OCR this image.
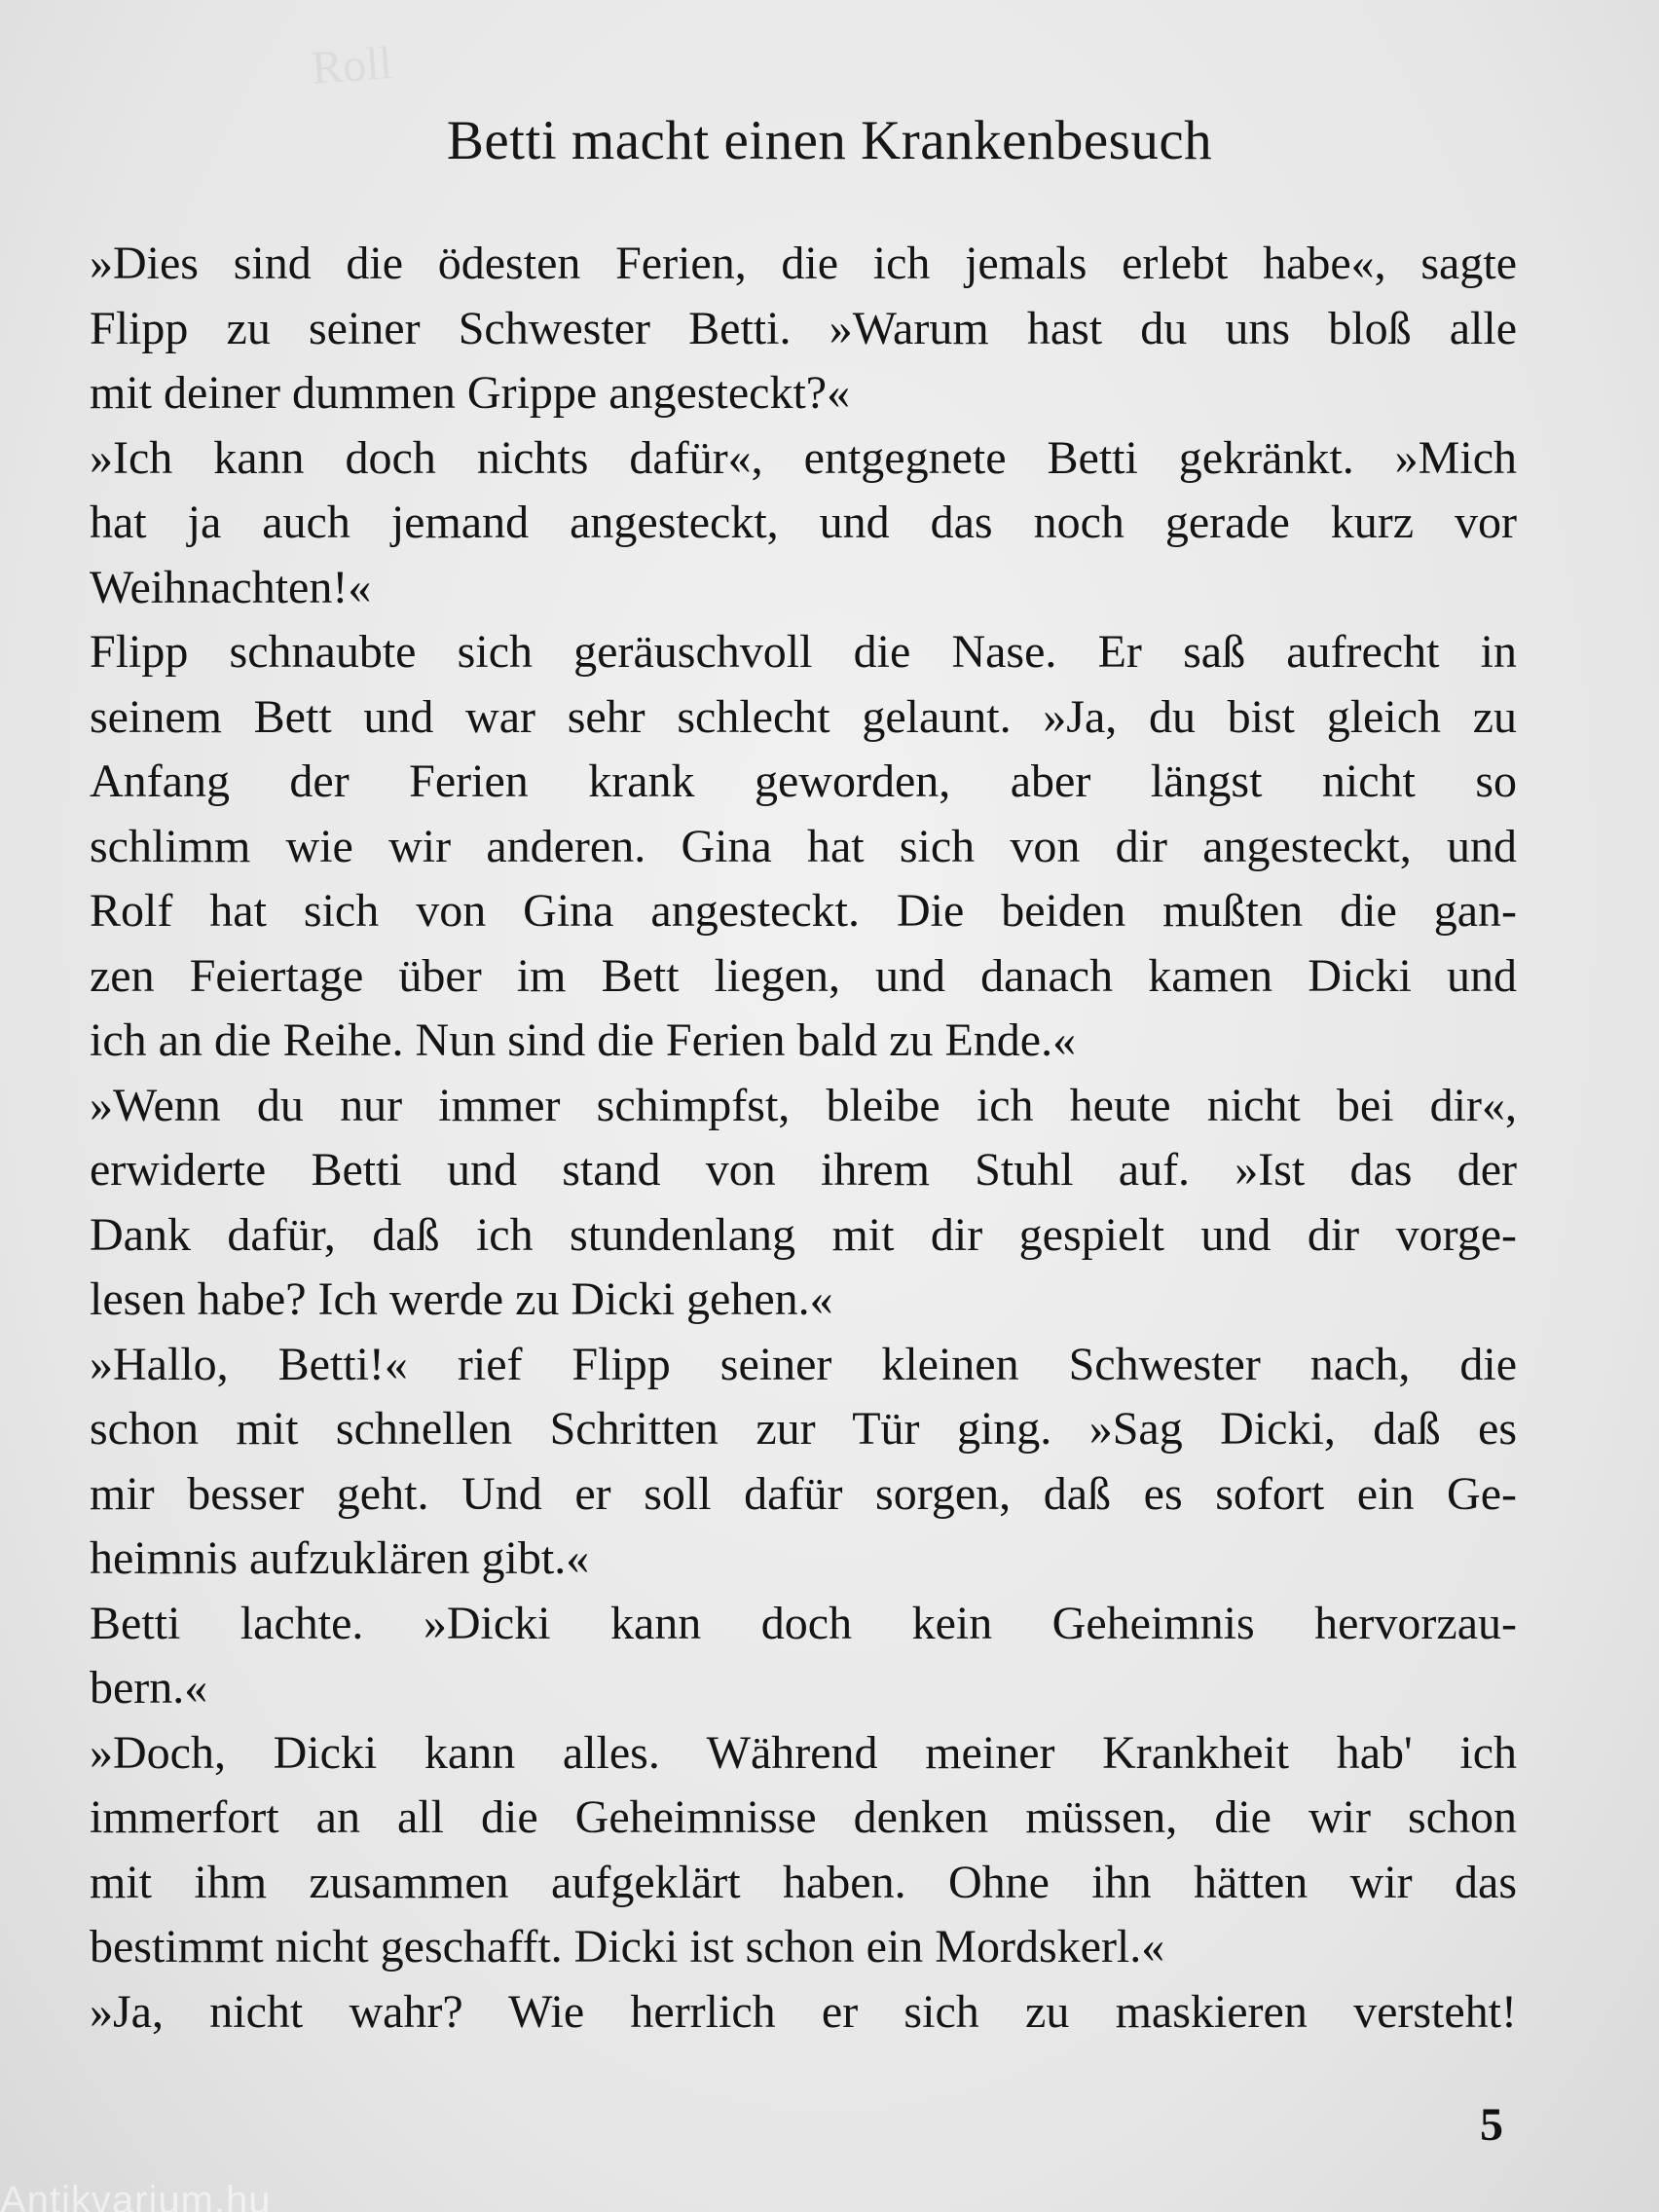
Roll
Betti macht einen Krankenbesuch
»Dies sind die ödesten Ferien, die ich jemals erlebt habe«, sagte
Flipp zu seiner Schwester Betti. »Warum hast du uns bloß alle
mit deiner dummen Grippe angesteckt?«
»Ich kann doch nichts dafür«, entgegnete Betti gekränkt. »Mich
hat ja auch jemand angesteckt, und das noch gerade kurz vor
Weihnachten!«
Flipp schnaubte sich geräuschvoll die Nase. Er saß aufrecht in
seinem Bett und war sehr schlecht gelaunt. »Ja, du bist gleich zu
Anfang der Ferien krank geworden, aber längst nicht so
schlimm wie wir anderen. Gina hat sich von dir angesteckt, und
Rolf hat sich von Gina angesteckt. Die beiden mußten die gan-
zen Feiertage über im Bett liegen, und danach kamen Dicki und
ich an die Reihe. Nun sind die Ferien bald zu Ende.«
»Wenn du nur immer schimpfst, bleibe ich heute nicht bei dir«,
erwiderte Betti und stand von ihrem Stuhl auf. »Ist das der
Dank dafür, daß ich stundenlang mit dir gespielt und dir vorge-
lesen habe? Ich werde zu Dicki gehen.«
»Hallo, Betti!« rief Flipp seiner kleinen Schwester nach, die
schon mit schnellen Schritten zur Tür ging. »Sag Dicki, daß es
mir besser geht. Und er soll dafür sorgen, daß es sofort ein Ge-
heimnis aufzuklären gibt.«
Betti lachte. »Dicki kann doch kein Geheimnis hervorzau-
bern.«
»Doch, Dicki kann alles. Während meiner Krankheit hab' ich
immerfort an all die Geheimnisse denken müssen, die wir schon
mit ihm zusammen aufgeklärt haben. Ohne ihn hätten wir das
bestimmt nicht geschafft. Dicki ist schon ein Mordskerl.«
»Ja, nicht wahr? Wie herrlich er sich zu maskieren versteht!
5
Antikvarium.hu
